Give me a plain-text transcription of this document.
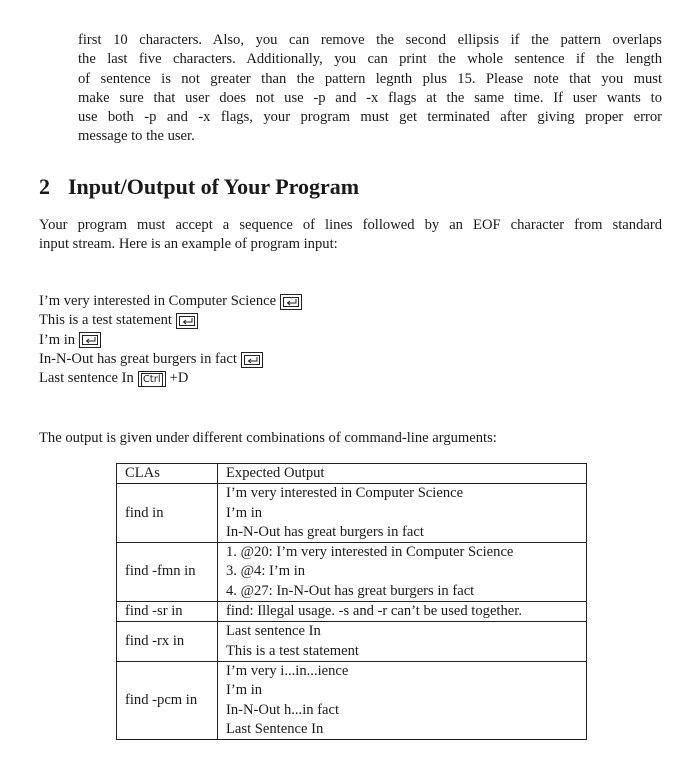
first 10 characters. Also, you can remove the second ellipsis if the pattern overlaps
the last five characters. Additionally, you can print the whole sentence if the length
of sentence is not greater than the pattern legnth plus 15. Please note that you must
make sure that user does not use -p and -x flags at the same time. If user wants to
use both -p and -x flags, your program must get terminated after giving proper error
message to the user.
2 Input/Output of Your Program
Your program must accept a sequence of lines followed by an EOF character from standard
input stream. Here is an example of program input:
I’m very interested in Computer Science
This is a test statement
I’m in
In-N-Out has great burgers in fact
Last sentence In Ctrl +D
The output is given under different combinations of command-line arguments:
CLAs	Expected Output
find in	I’m very interested in Computer Science
I’m in
In-N-Out has great burgers in fact

find -fmn in	1. @20: I’m very interested in Computer Science
3. @4: I’m in
4. @27: In-N-Out has great burgers in fact

find -sr in	find: Illegal usage. -s and -r can’t be used together.

find -rx in	Last sentence In
This is a test statement

find -pcm in	I’m very i...in...ience
I’m in
In-N-Out h...in fact
Last Sentence In
